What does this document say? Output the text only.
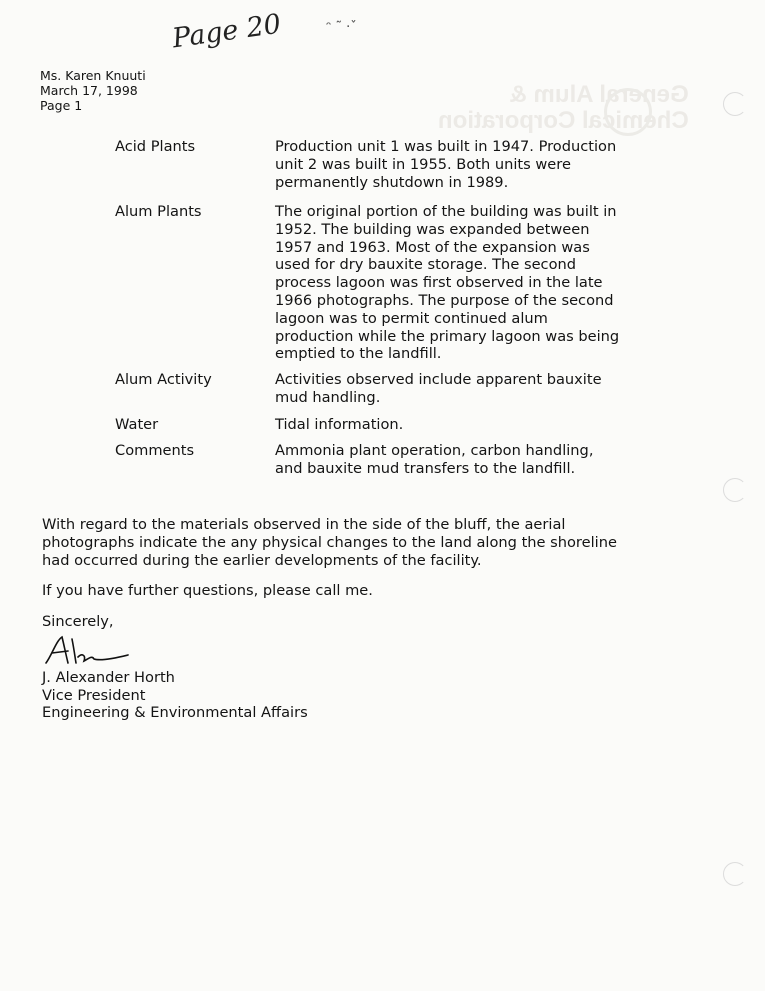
General Alum &
Chemical Corporation
Page 20	ᵔ ˜ ·ˇ
Ms. Karen Knuuti
March 17, 1998
Page 1
Acid Plants	Production unit 1 was built in 1947. Production unit 2 was built in 1955. Both units were permanently shutdown in 1989.
Alum Plants	The original portion of the building was built in 1952. The building was expanded between 1957 and 1963. Most of the expansion was used for dry bauxite storage. The second process lagoon was first observed in the late 1966 photographs. The purpose of the second lagoon was to permit continued alum production while the primary lagoon was being emptied to the landfill.
Alum Activity	Activities observed include apparent bauxite mud handling.
Water	Tidal information.
Comments	Ammonia plant operation, carbon handling, and bauxite mud transfers to the landfill.
With regard to the materials observed in the side of the bluff, the aerial photographs indicate the any physical changes to the land along the shoreline had occurred during the earlier developments of the facility.
If you have further questions, please call me.
Sincerely,
J. Alexander Horth
Vice President
Engineering & Environmental Affairs
